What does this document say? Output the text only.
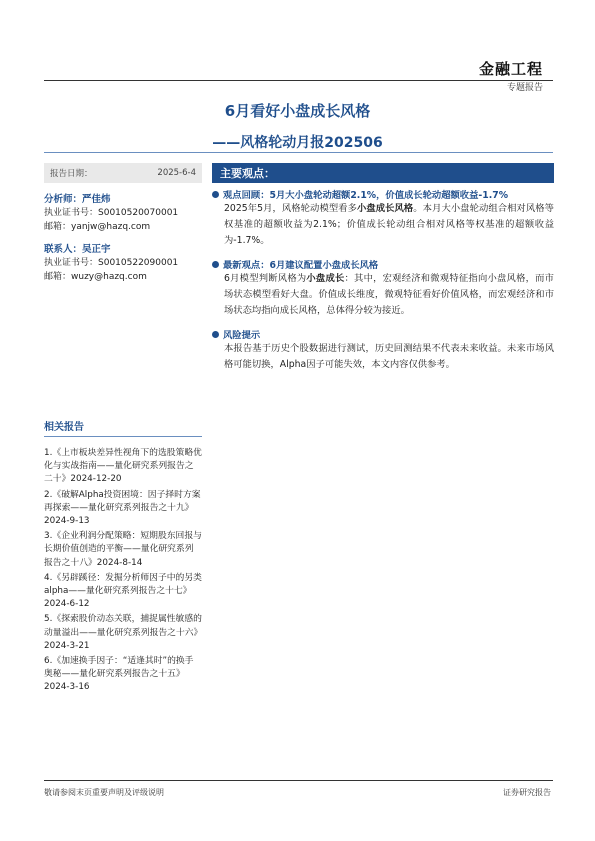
金融工程
专题报告
6月看好小盘成长风格
——风格轮动月报202506
报告日期：	2025-6-4
分析师：严佳炜
执业证书号：S0010520070001
邮箱：yanjw@hazq.com
联系人：吴正宇
执业证书号：S0010522090001
邮箱：wuzy@hazq.com
相关报告
1.《上市板块差异性视角下的选股策略优化与实战指南——量化研究系列报告之二十》2024-12-20
2.《破解Alpha投资困境：因子择时方案再探索——量化研究系列报告之十九》2024-9-13
3.《企业利润分配策略：短期股东回报与长期价值创造的平衡——量化研究系列报告之十八》2024-8-14
4.《另辟蹊径：发掘分析师因子中的另类alpha——量化研究系列报告之十七》2024-6-12
5.《探索股价动态关联，捕捉属性敏感的动量溢出——量化研究系列报告之十六》2024-3-21
6.《加速换手因子：“适逢其时”的换手奥秘——量化研究系列报告之十五》2024-3-16
主要观点：
观点回顾：5月大小盘轮动超额2.1%，价值成长轮动超额收益-1.7%
2025年5月，风格轮动模型看多小盘成长风格。本月大小盘轮动组合相对风格等权基准的超额收益为2.1%；价值成长轮动组合相对风格等权基准的超额收益为-1.7%。
最新观点：6月建议配置小盘成长风格
6月模型判断风格为小盘成长：其中，宏观经济和微观特征指向小盘风格，而市场状态模型看好大盘。价值成长维度，微观特征看好价值风格，而宏观经济和市场状态均指向成长风格，总体得分较为接近。
风险提示
本报告基于历史个股数据进行测试，历史回测结果不代表未来收益。未来市场风格可能切换，Alpha因子可能失效，本文内容仅供参考。
敬请参阅末页重要声明及评级说明	证券研究报告
